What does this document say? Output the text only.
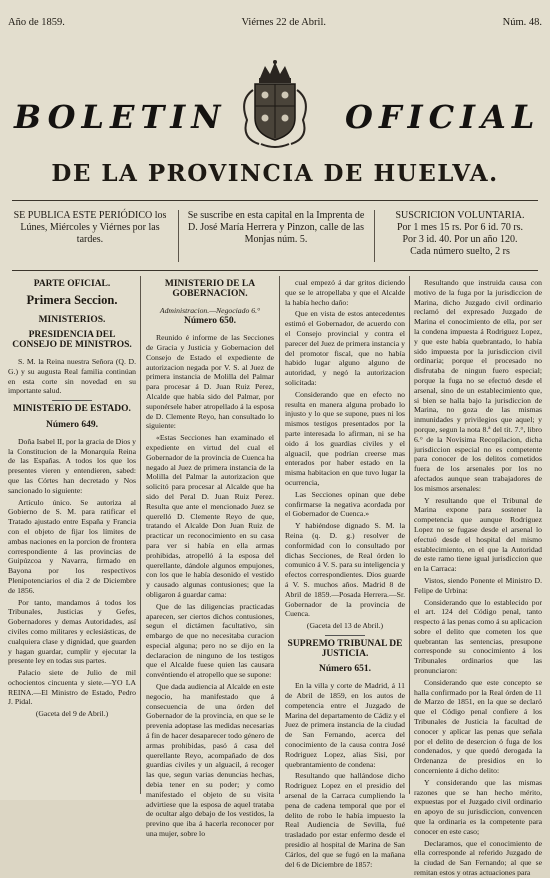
Año de 1859.	Viérnes 22 de Abril.	Núm. 48.
BOLETIN	OFICIAL
DE LA PROVINCIA DE HUELVA.
SE PUBLICA ESTE PERIÓDICO los Lúnes, Miércoles y Viérnes por las tardes.
Se suscribe en esta capital en la Imprenta de D. José María Herrera y Pinzon, calle de las Monjas núm. 5.
SUSCRICION VOLUNTARIA.
Por 1 mes 15 rs. Por 6 id. 70 rs.
Por 3 id. 40. Por un año 120.
Cada número suelto, 2 rs
PARTE OFICIAL.
Primera Seccion.
MINISTERIOS.
PRESIDENCIA DEL CONSEJO DE MINISTROS.

S. M. la Reina nuestra Señora (Q. D. G.) y su augusta Real familia continúan en esta corte sin novedad en su importante salud.

MINISTERIO DE ESTADO.
Número 649.

Doña Isabel II, por la gracia de Dios y la Constitucion de la Monarquía Reina de las Españas. A todos los que los presentes vieren y entendieren, sabed: que las Córtes han decretado y Nos sancionado lo siguiente:

Artículo único. Se autoriza al Gobierno de S. M. para ratificar el Tratado ajustado entre España y Francia con el objeto de fijar los límites de ambas naciones en la porcion de frontera correspondiente á las provincias de Guipúzcoa y Navarra, firmado en Bayona por los respectivos Plenipotenciarios el dia 2 de Diciembre de 1856.

Por tanto, mandamos á todos los Tribunales, Justicias y Gefes, Gobernadores y demas Autoridades, así civiles como militares y eclesiásticas, de cualquiera clase y dignidad, que guarden y hagan guardar, cumplir y ejecutar la presente ley en todas sus partes.

Palacio siete de Julio de mil ochocientos cincuenta y siete.—YO LA REINA.—El Ministro de Estado, Pedro J. Pidal.

(Gaceta del 9 de Abril.)

MINISTERIO DE LA GOBERNACION.

Administracion.—Negociado 6.°

Número 650.

Reunido é informe de las Secciones de Gracia y Justicia y Gobernacion del Consejo de Estado el expediente de autorizacion negada por V. S. al Juez de primera instancia de Molilla del Palmar para procesar á D. Juan Ruiz Perez, Alcalde que había sido del Palmar, por suponérsele haber atropellado á la esposa de D. Clemente Reyo, han consultado lo siguiente:

«Estas Secciones han examinado el expediente en virtud del cual el Gobernador de la provincia de Cuenca ha negado al Juez de primera instancia de la Molilla del Palmar la autorizacion que solicitó para procesar al Alcalde que ha sido del Peral D. Juan Ruiz Perez. Resulta que ante el mencionado Juez se querelló D. Clemente Reyo de que, tratando el Alcalde Don Juan Ruiz de practicar un reconocimiento en su casa para ver si había en ella armas prohibidas, atropelló á la esposa del querellante, dándole algunos empujones, con los que le había desonido el vestido y causado algunas contusiones; que la obligaron á guardar cama:

Que de las diligencias practicadas aparecen, ser ciertos dichos contusiones, segun el dictámen facultativo, sin embargo de que no necesitaba curacion especial alguna; pero no se dijo en la declaracion de ninguno de los testigos que el Alcalde fuese quien las causara convéntiendo el atropello que se supone:

Que dada audiencia al Alcalde en este negocio, ha manifestado que á consecuencia de una órden del Gobernador de la provincia, en que se le prevenia adoptase las medidas necesarias á fin de hacer desaparecer todo género de armas prohibidas, pasó á casa del querellante Reyo, acompañado de dos guardias civiles y un alguacil, á recoger las que, segun varias denuncias hechas, debia tener en su poder; y como manifestado el objeto de su visita advirtiese que la esposa de aquel trataba de ocultar algo debajo de los vestidos, la previno que iba á hacerla reconocer por una mujer, sobre lo

cual empezó á dar gritos diciendo que se le atropellaba y que el Alcalde la había hecho daño:

Que en vista de estos antecedentes estimó el Gobernador, de acuerdo con el Consejo provincial y contra el parecer del Juez de primera instancia y del promotor fiscal, que no había habido lugar alguno alguno de autoridad, y negó la autorizacion solicitada:

Considerando que en efecto no resulta en manera alguna probado lo injusto y lo que se supone, pues ni los mismos testigos presentados por la parte interesada lo afirman, ni se ha oido á los guardias civiles y el alguacil, que podrían creerse mas enterados por haber estado en la misma habitacion en que tuvo lugar la ocurrencia,

Las Secciones opinan que debe confirmarse la negativa acordada por el Gobernador de Cuenca.»

Y habiéndose dignado S. M. la Reina (q. D. g.) resolver de conformidad con lo consultado por dichas Secciones, de Real órden lo comunico á V. S. para su inteligencia y efectos correspondientes. Dios guarde á V. S. muchos años. Madrid 8 de Abril de 1859.—Posada Herrera.—Sr. Gobernador de la provincia de Cuenca.

(Gaceta del 13 de Abril.)

SUPREMO TRIBUNAL DE JUSTICIA.
Número 651.

En la villa y corte de Madrid, á 11 de Abril de 1859, en los autos de competencia entre el Juzgado de Marina del departamento de Cádiz y el Juez de primera instancia de la ciudad de San Fernando, acerca del conocimiento de la causa contra José Rodriguez Lopez, alias Sisi, por quebrantamiento de condena:

Resultando que hallándose dicho Rodriguez Lopez en el presidio del arsenal de la Carraca cumpliendo la pena de cadena temporal que por el delito de robo le había impuesto la Real Audiencia de Sevilla, fué trasladado por estar enfermo desde el presidio al hospital de Marina de San Cárlos, del que se fugó en la mañana del 6 de Diciembre de 1857:

Resultando que instruida causa con motivo de la fuga por la jurisdiccion de Marina, dicho Juzgado civil ordinario reclamó del expresado Juzgado de Marina el conocimiento de ella, por ser la condena impuesta á Rodriguez Lopez, y que este había quebrantado, lo había sido impuesta por la jurisdiccion civil ordinaria; porque el procesado no disfrutaba de ningun fuero especial; porque la fuga no se efectuó desde el arsenal, sino de un establecimiento que, si bien se halla bajo la jurisdiccion de Marina, no goza de las mismas inmunidades y privilegios que aquel; y porque, segun la nota 8.ª del tít. 7.°, libro 6.° de la Novísima Recopilacion, dicha jurisdiccion especial no es competente para conocer de los delitos cometidos fuera de los arsenales por los no afectados aunque sean trabajadores de los mismos arsenales:

Y resultando que el Tribunal de Marina expone para sostener la competencia que aunque Rodriguez Lopez no se fugase desde el arsenal lo efectuó desde el hospital del mismo establecimiento, en el que la Autoridad de este ramo tiene igual jurisdiccion que en la Carraca:

Vistos, siendo Ponente el Ministro D. Felipe de Urbina:

Considerando que lo establecido por el art. 124 del Código penal, tanto respecto á las penas como á su aplicacion sobre el delito que cometen los que quebrantan las sentencias, presupone corresponde su conocimiento á los Tribunales ordinarios que las pronunciaron:

Considerando que este concepto se halla confirmado por la Real órden de 11 de Marzo de 1851, en la que se declaró que el Código penal confiere á los Tribunales de Justicia la facultad de conocer y aplicar las penas que señala por el delito de desercion ó fuga de los condenados, y que quedó derogada la Ordenanza de presidios en lo concerniente á dicho delito:

Y considerando que las mismas razones que se han hecho mérito, expuestas por el Juzgado civil ordinario en apoyo de su jurisdiccion, convencen que la ordinaria es la competente para conocer en este caso;

Declaramos, que el conocimiento de ella corresponde al referido Juzgado de la ciudad de San Fernando; al que se remitan estos y otras actuaciones para
